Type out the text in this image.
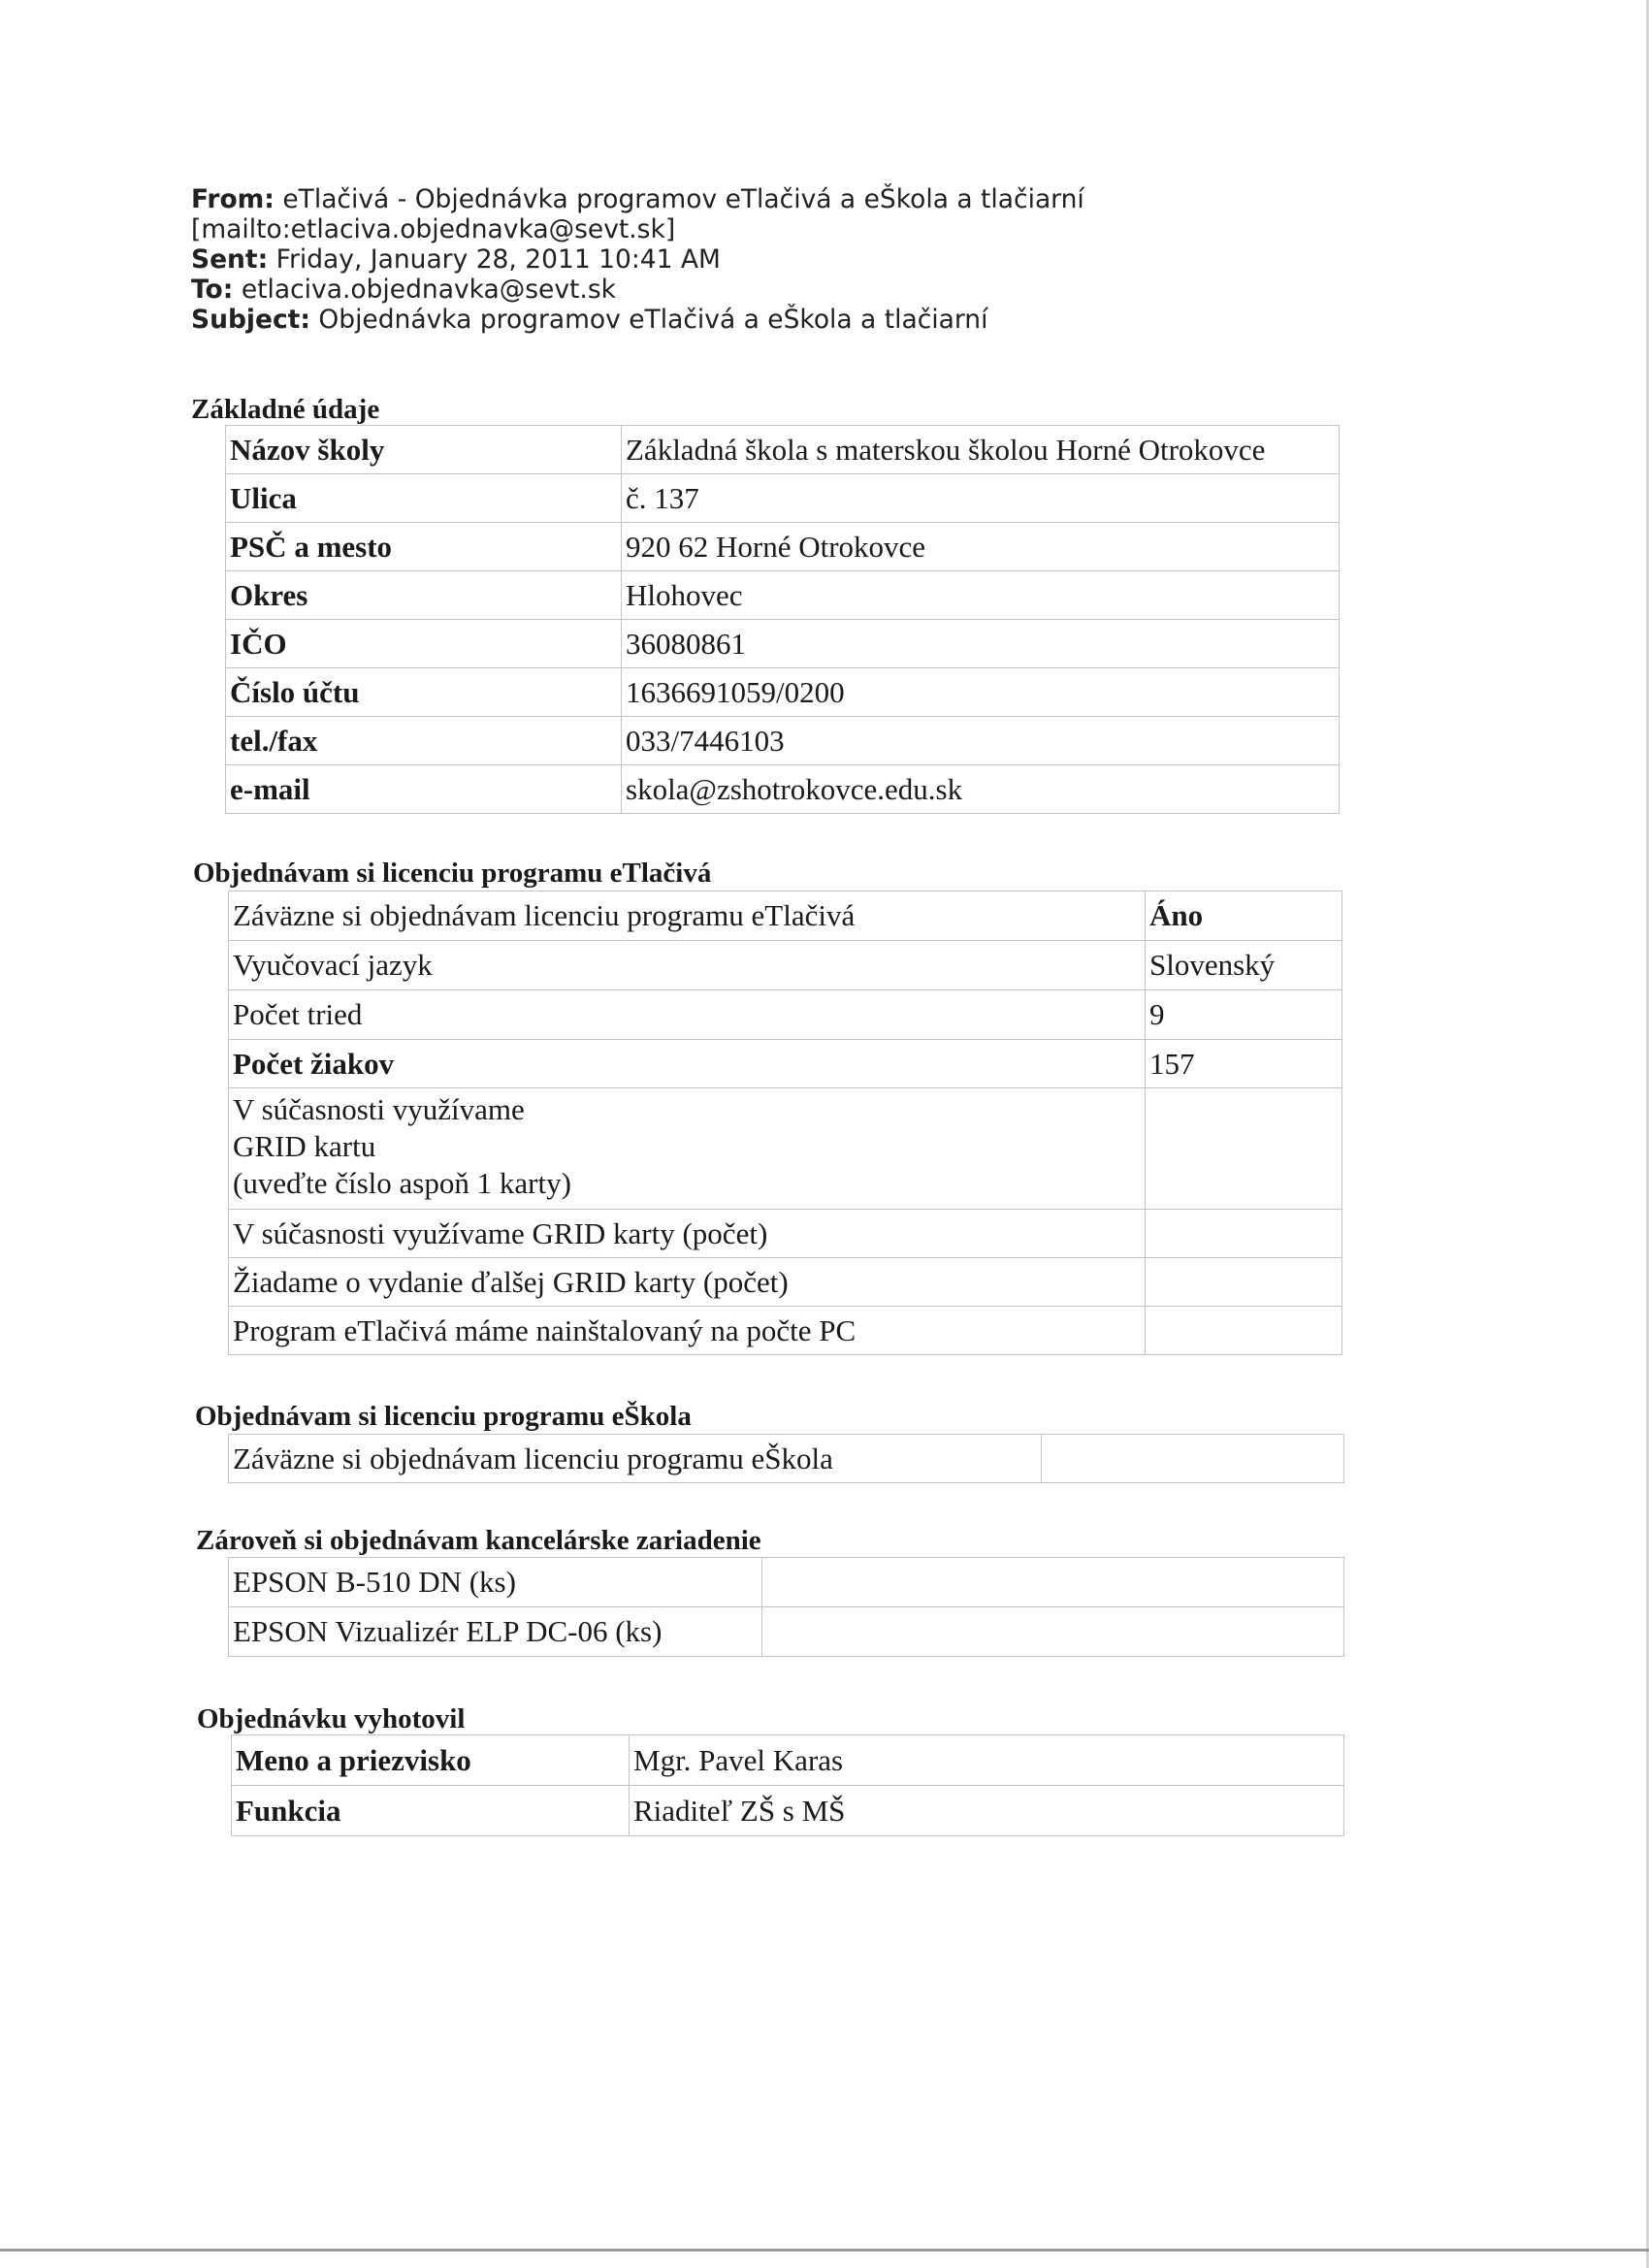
From: eTlačivá - Objednávka programov eTlačivá a eŠkola a tlačiarní
[mailto:etlaciva.objednavka@sevt.sk]
Sent: Friday, January 28, 2011 10:41 AM
To: etlaciva.objednavka@sevt.sk
Subject: Objednávka programov eTlačivá a eŠkola a tlačiarní
Základné údaje
Názov školy	Základná škola s materskou školou Horné Otrokovce
Ulica	č. 137
PSČ a mesto	920 62 Horné Otrokovce
Okres	Hlohovec
IČO	36080861
Číslo účtu	1636691059/0200
tel./fax	033/7446103
e-mail	skola@zshotrokovce.edu.sk
Objednávam si licenciu programu eTlačivá
Záväzne si objednávam licenciu programu eTlačivá	Áno
Vyučovací jazyk	Slovenský
Počet tried	9
Počet žiakov	157

V súčasnosti využívame
GRID kartu
(uveďte číslo aspoň 1 karty)	

V súčasnosti využívame GRID karty (počet)	
Žiadame o vydanie ďalšej GRID karty (počet)	
Program eTlačivá máme nainštalovaný na počte PC	
Objednávam si licenciu programu eŠkola
Záväzne si objednávam licenciu programu eŠkola	
Zároveň si objednávam kancelárske zariadenie
EPSON B-510 DN (ks)	
EPSON Vizualizér ELP DC-06 (ks)	
Objednávku vyhotovil
Meno a priezvisko	Mgr. Pavel Karas
Funkcia	Riaditeľ ZŠ s MŠ
